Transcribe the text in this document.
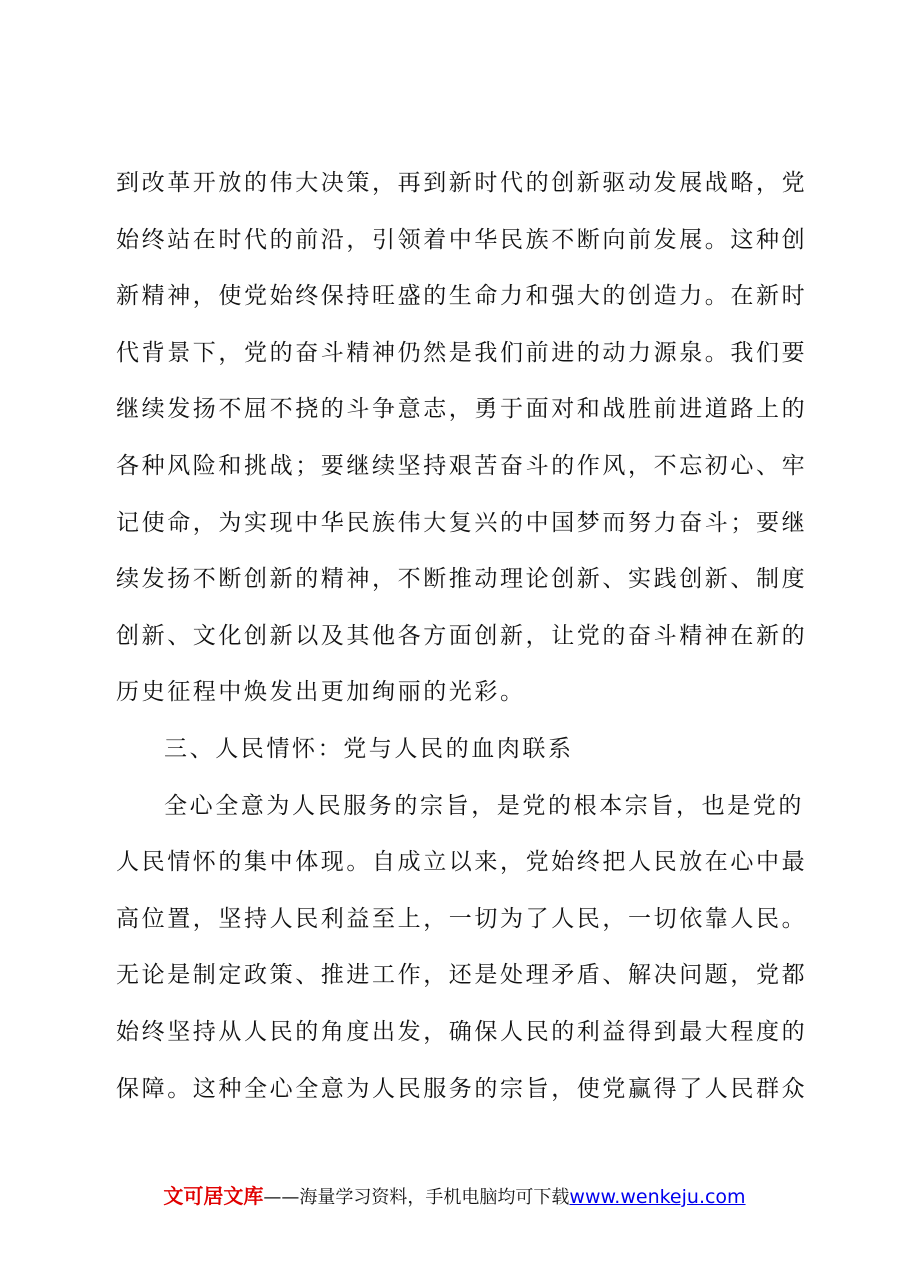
到改革开放的伟大决策，再到新时代的创新驱动发展战略，党
始终站在时代的前沿，引领着中华民族不断向前发展。这种创
新精神，使党始终保持旺盛的生命力和强大的创造力。在新时
代背景下，党的奋斗精神仍然是我们前进的动力源泉。我们要
继续发扬不屈不挠的斗争意志，勇于面对和战胜前进道路上的
各种风险和挑战；要继续坚持艰苦奋斗的作风，不忘初心、牢
记使命，为实现中华民族伟大复兴的中国梦而努力奋斗；要继
续发扬不断创新的精神，不断推动理论创新、实践创新、制度
创新、文化创新以及其他各方面创新，让党的奋斗精神在新的
历史征程中焕发出更加绚丽的光彩。
三、人民情怀：党与人民的血肉联系
全心全意为人民服务的宗旨，是党的根本宗旨，也是党的
人民情怀的集中体现。自成立以来，党始终把人民放在心中最
高位置，坚持人民利益至上，一切为了人民，一切依靠人民。
无论是制定政策、推进工作，还是处理矛盾、解决问题，党都
始终坚持从人民的角度出发，确保人民的利益得到最大程度的
保障。这种全心全意为人民服务的宗旨，使党赢得了人民群众
文可居文库——海量学习资料，手机电脑均可下载www.wenkeju.com
